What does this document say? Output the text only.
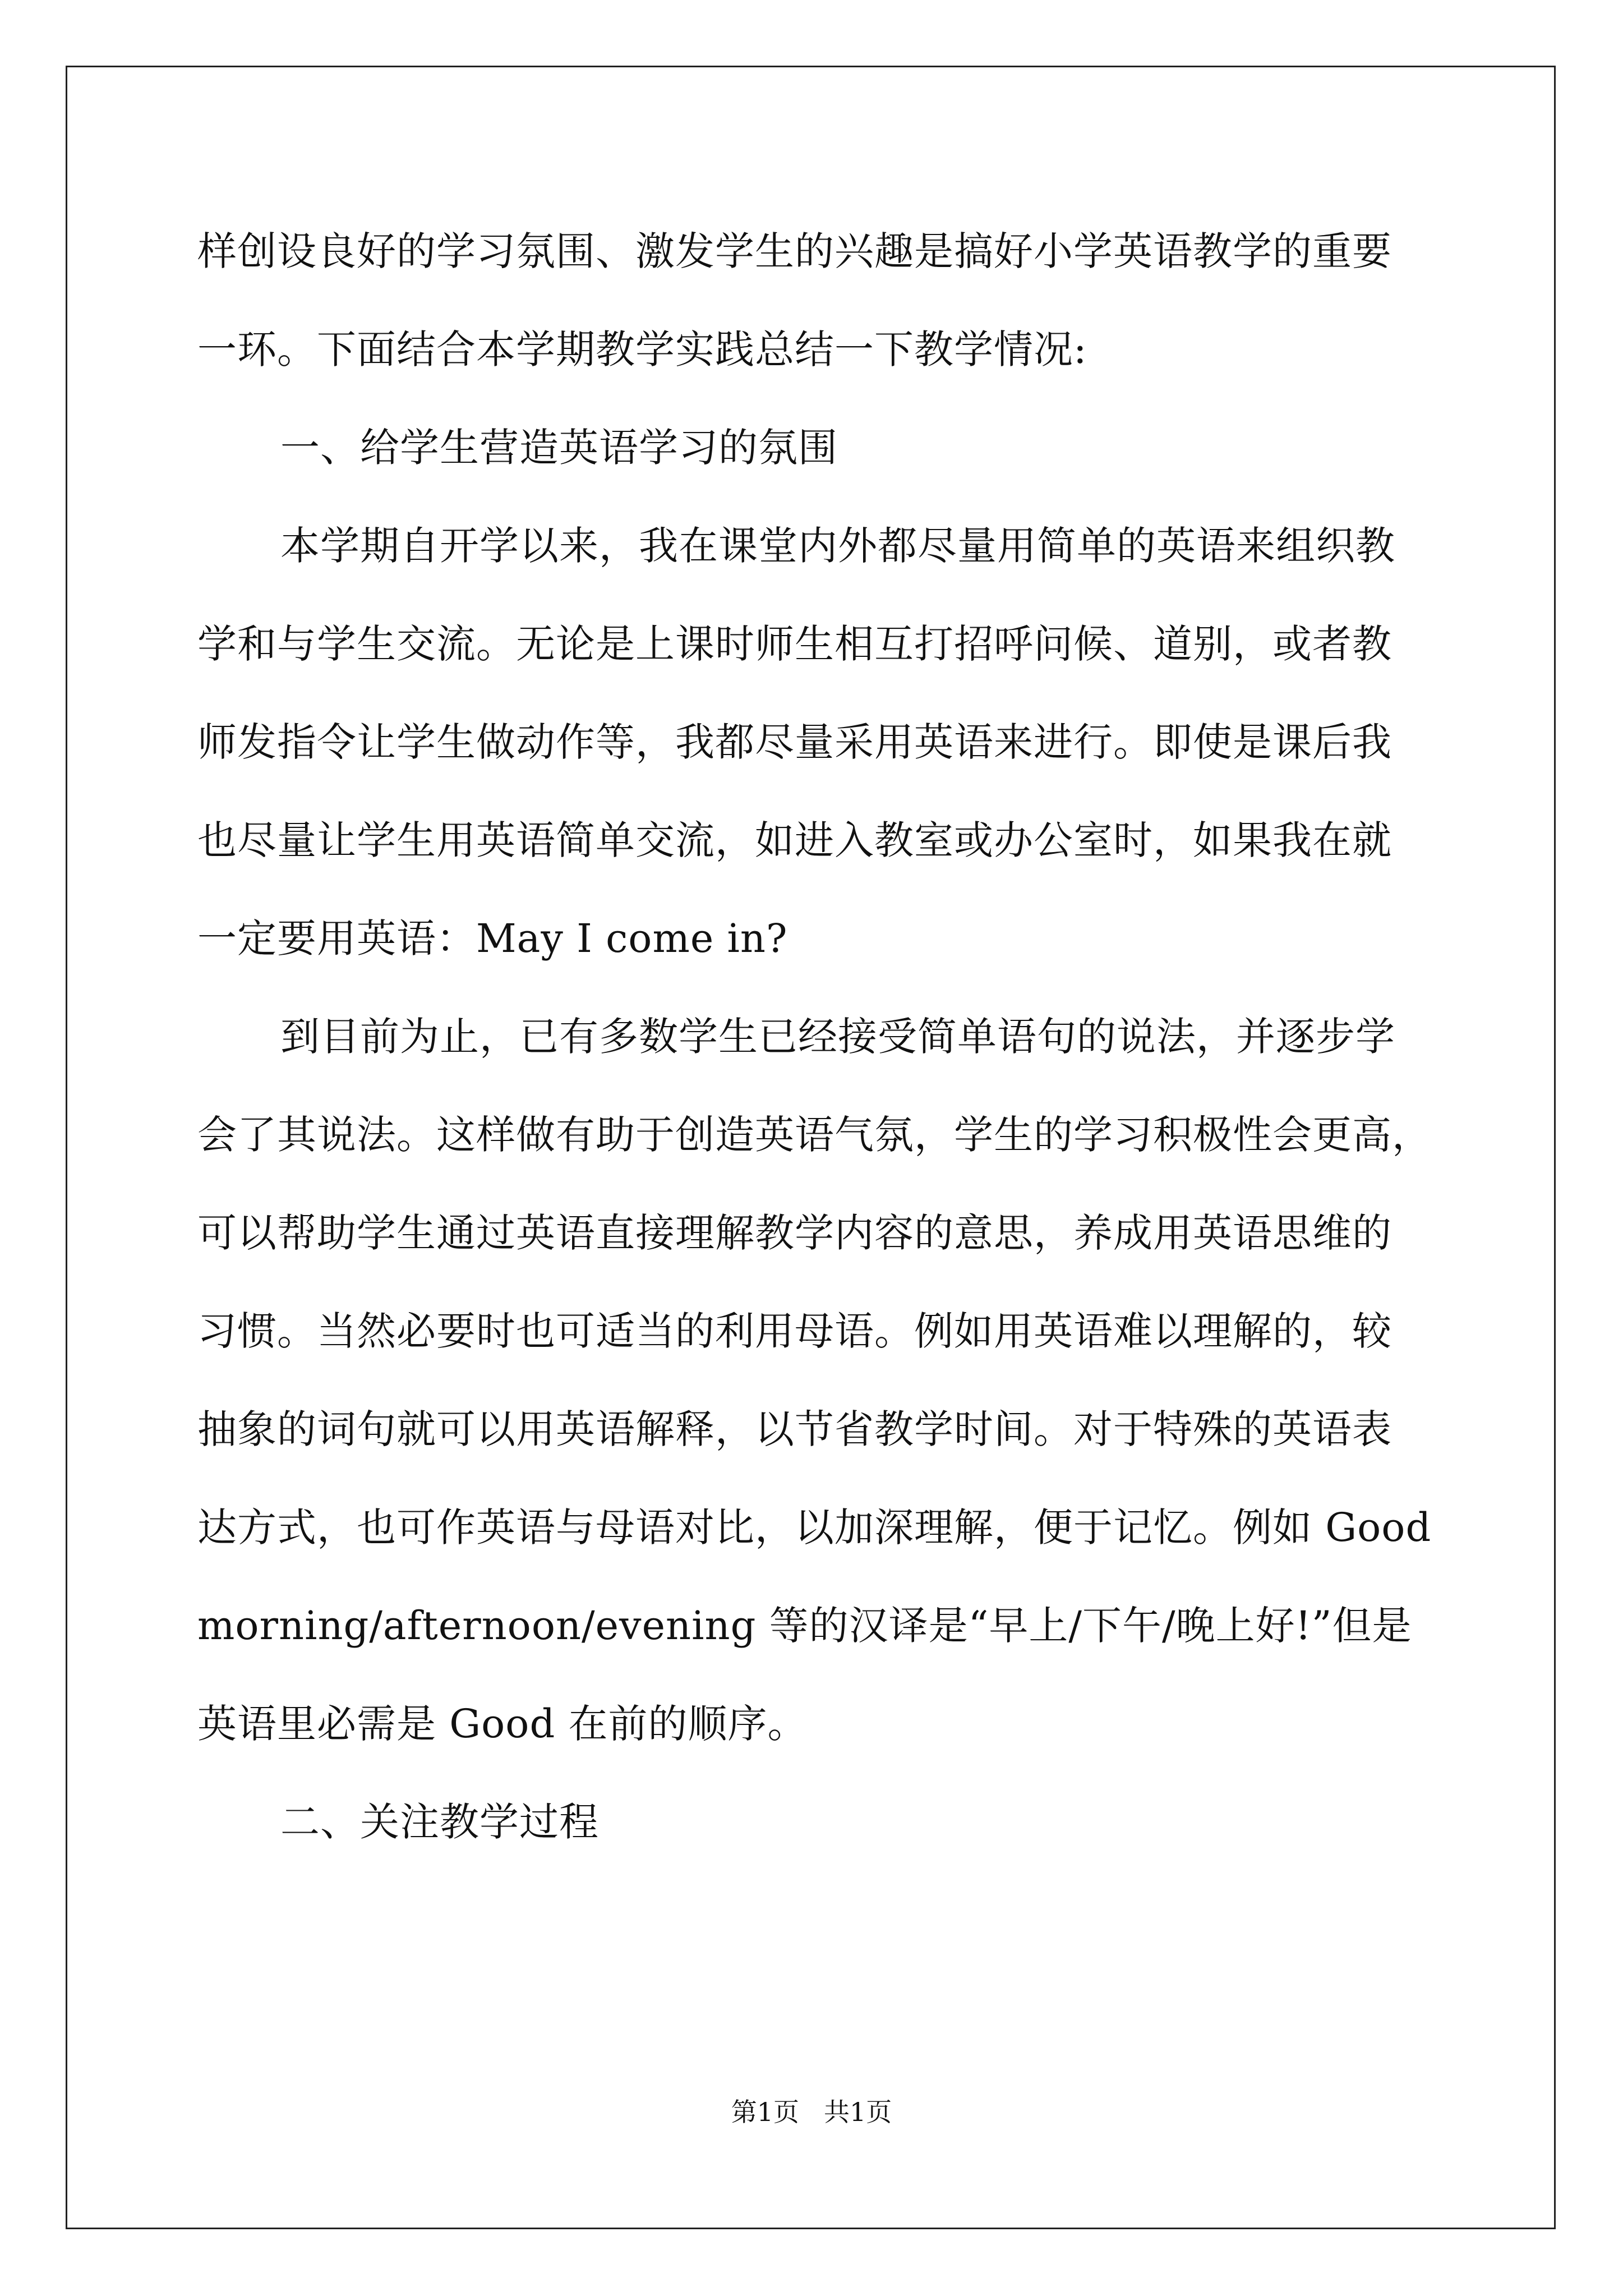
样创设良好的学习氛围、激发学生的兴趣是搞好小学英语教学的重要
一环。下面结合本学期教学实践总结一下教学情况:
一、给学生营造英语学习的氛围
本学期自开学以来，我在课堂内外都尽量用简单的英语来组织教
学和与学生交流。无论是上课时师生相互打招呼问候、道别，或者教
师发指令让学生做动作等，我都尽量采用英语来进行。即使是课后我
也尽量让学生用英语简单交流，如进入教室或办公室时，如果我在就
一定要用英语：May I come in?
到目前为止，已有多数学生已经接受简单语句的说法，并逐步学
会了其说法。这样做有助于创造英语气氛，学生的学习积极性会更高，
可以帮助学生通过英语直接理解教学内容的意思，养成用英语思维的
习惯。当然必要时也可适当的利用母语。例如用英语难以理解的，较
抽象的词句就可以用英语解释，以节省教学时间。对于特殊的英语表
达方式，也可作英语与母语对比，以加深理解，便于记忆。例如 Good
morning/afternoon/evening 等的汉译是“早上/下午/晚上好!”但是
英语里必需是 Good 在前的顺序。
二、关注教学过程
第1页 共1页
